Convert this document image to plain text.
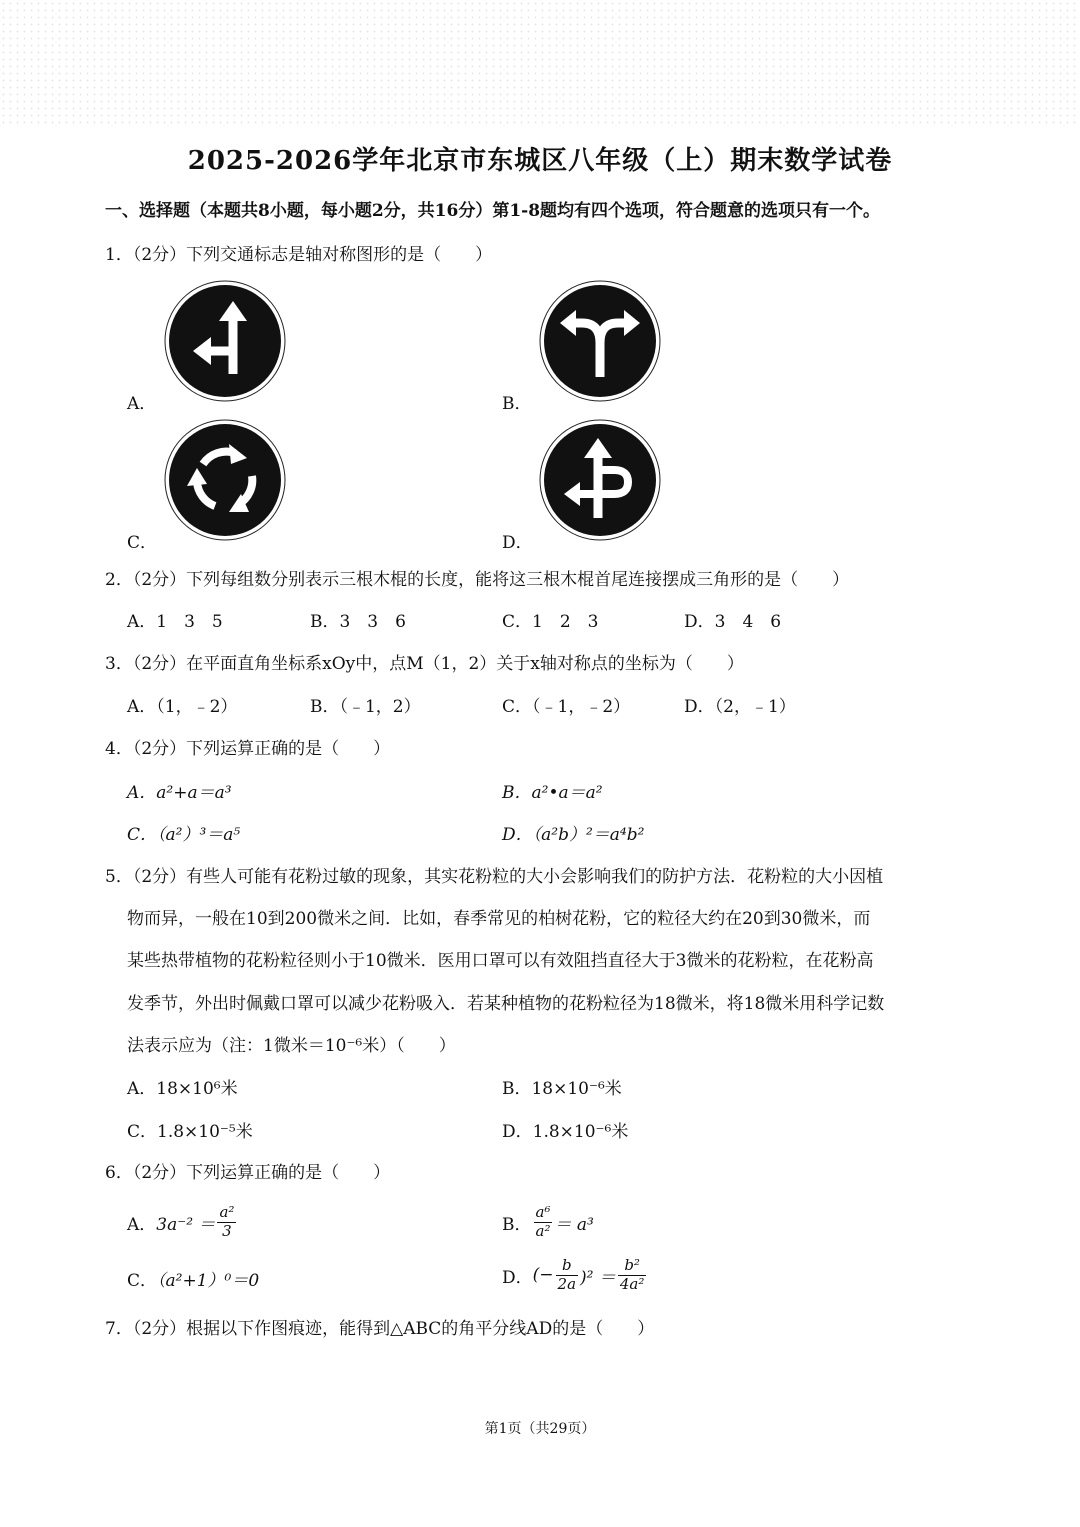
2025-2026学年北京市东城区八年级（上）期末数学试卷
一、选择题（本题共8小题，每小题2分，共16分）第1-8题均有四个选项，符合题意的选项只有一个。
1．（2分）下列交通标志是轴对称图形的是（　　）
A．	B．
C．	D．
2．（2分）下列每组数分别表示三根木棍的长度，能将这三根木棍首尾连接摆成三角形的是（　　）
A．1　3　5	B．3　3　6	C．1　2　3	D．3　4　6
3．（2分）在平面直角坐标系xOy中，点M（1，2）关于x轴对称点的坐标为（　　）
A．（1，﹣2）	B．（﹣1，2）	C．（﹣1，﹣2）	D．（2，﹣1）
4．（2分）下列运算正确的是（　　）
A．a²+a＝a³	B．a²•a＝a²
C．（a²）³＝a⁵	D．（a²b）²＝a⁴b²
5．（2分）有些人可能有花粉过敏的现象，其实花粉粒的大小会影响我们的防护方法．花粉粒的大小因植
物而异，一般在10到200微米之间．比如，春季常见的柏树花粉，它的粒径大约在20到30微米，而
某些热带植物的花粉粒径则小于10微米．医用口罩可以有效阻挡直径大于3微米的花粉粒，在花粉高
发季节，外出时佩戴口罩可以减少花粉吸入．若某种植物的花粉粒径为18微米，将18微米用科学记数
法表示应为（注：1微米＝10⁻⁶米）（　　）
A．18×10⁶米	B．18×10⁻⁶米
C．1.8×10⁻⁵米	D．1.8×10⁻⁶米
6．（2分）下列运算正确的是（　　）
A． $3a^{-2} = \frac{\text{a²}}{3}$	B． $\frac{\text{a⁶}}{\text{a²}} = a^3$
C．（a²+1）⁰＝0	D． (− $\frac{b}{2a} )^2 = \frac{\text{b²}}{\text{4a²}}$
7．（2分）根据以下作图痕迹，能得到△ABC的角平分线AD的是（　　）
第1页（共29页）
